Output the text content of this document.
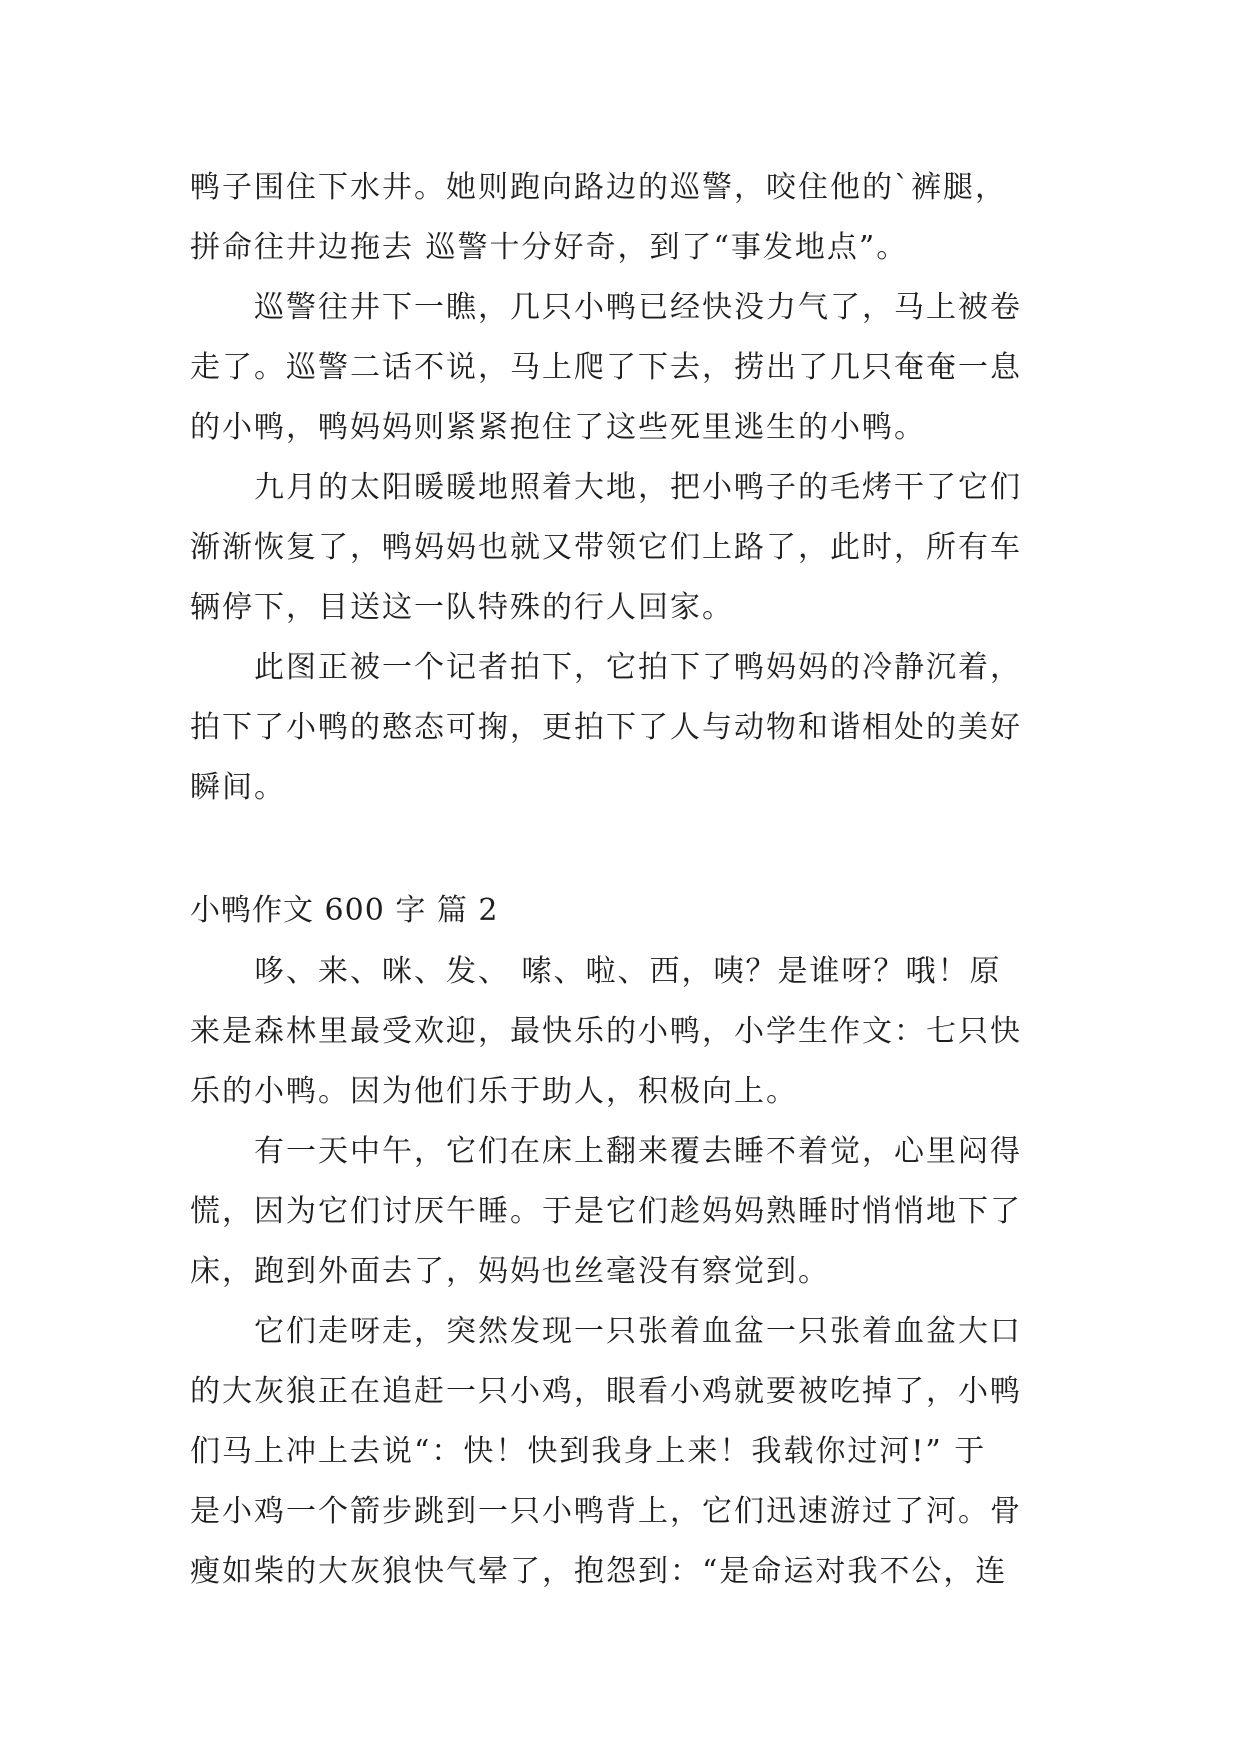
鸭子围住下水井。她则跑向路边的巡警，咬住他的`裤腿，
拼命往井边拖去 巡警十分好奇，到了“事发地点”。
巡警往井下一瞧，几只小鸭已经快没力气了，马上被卷
走了。巡警二话不说，马上爬了下去，捞出了几只奄奄一息
的小鸭，鸭妈妈则紧紧抱住了这些死里逃生的小鸭。
九月的太阳暖暖地照着大地，把小鸭子的毛烤干了它们
渐渐恢复了，鸭妈妈也就又带领它们上路了，此时，所有车
辆停下，目送这一队特殊的行人回家。
此图正被一个记者拍下，它拍下了鸭妈妈的冷静沉着，
拍下了小鸭的憨态可掬，更拍下了人与动物和谐相处的美好
瞬间。
小鸭作文 600 字 篇 2
哆、来、咪、发、 嗦、啦、西，咦？是谁呀？哦！原
来是森林里最受欢迎，最快乐的小鸭，小学生作文：七只快
乐的小鸭。因为他们乐于助人，积极向上。
有一天中午，它们在床上翻来覆去睡不着觉，心里闷得
慌，因为它们讨厌午睡。于是它们趁妈妈熟睡时悄悄地下了
床，跑到外面去了，妈妈也丝毫没有察觉到。
它们走呀走，突然发现一只张着血盆一只张着血盆大口
的大灰狼正在追赶一只小鸡，眼看小鸡就要被吃掉了，小鸭
们马上冲上去说“：快！快到我身上来！我载你过河!” 于
是小鸡一个箭步跳到一只小鸭背上，它们迅速游过了河。骨
瘦如柴的大灰狼快气晕了，抱怨到：“是命运对我不公，连
